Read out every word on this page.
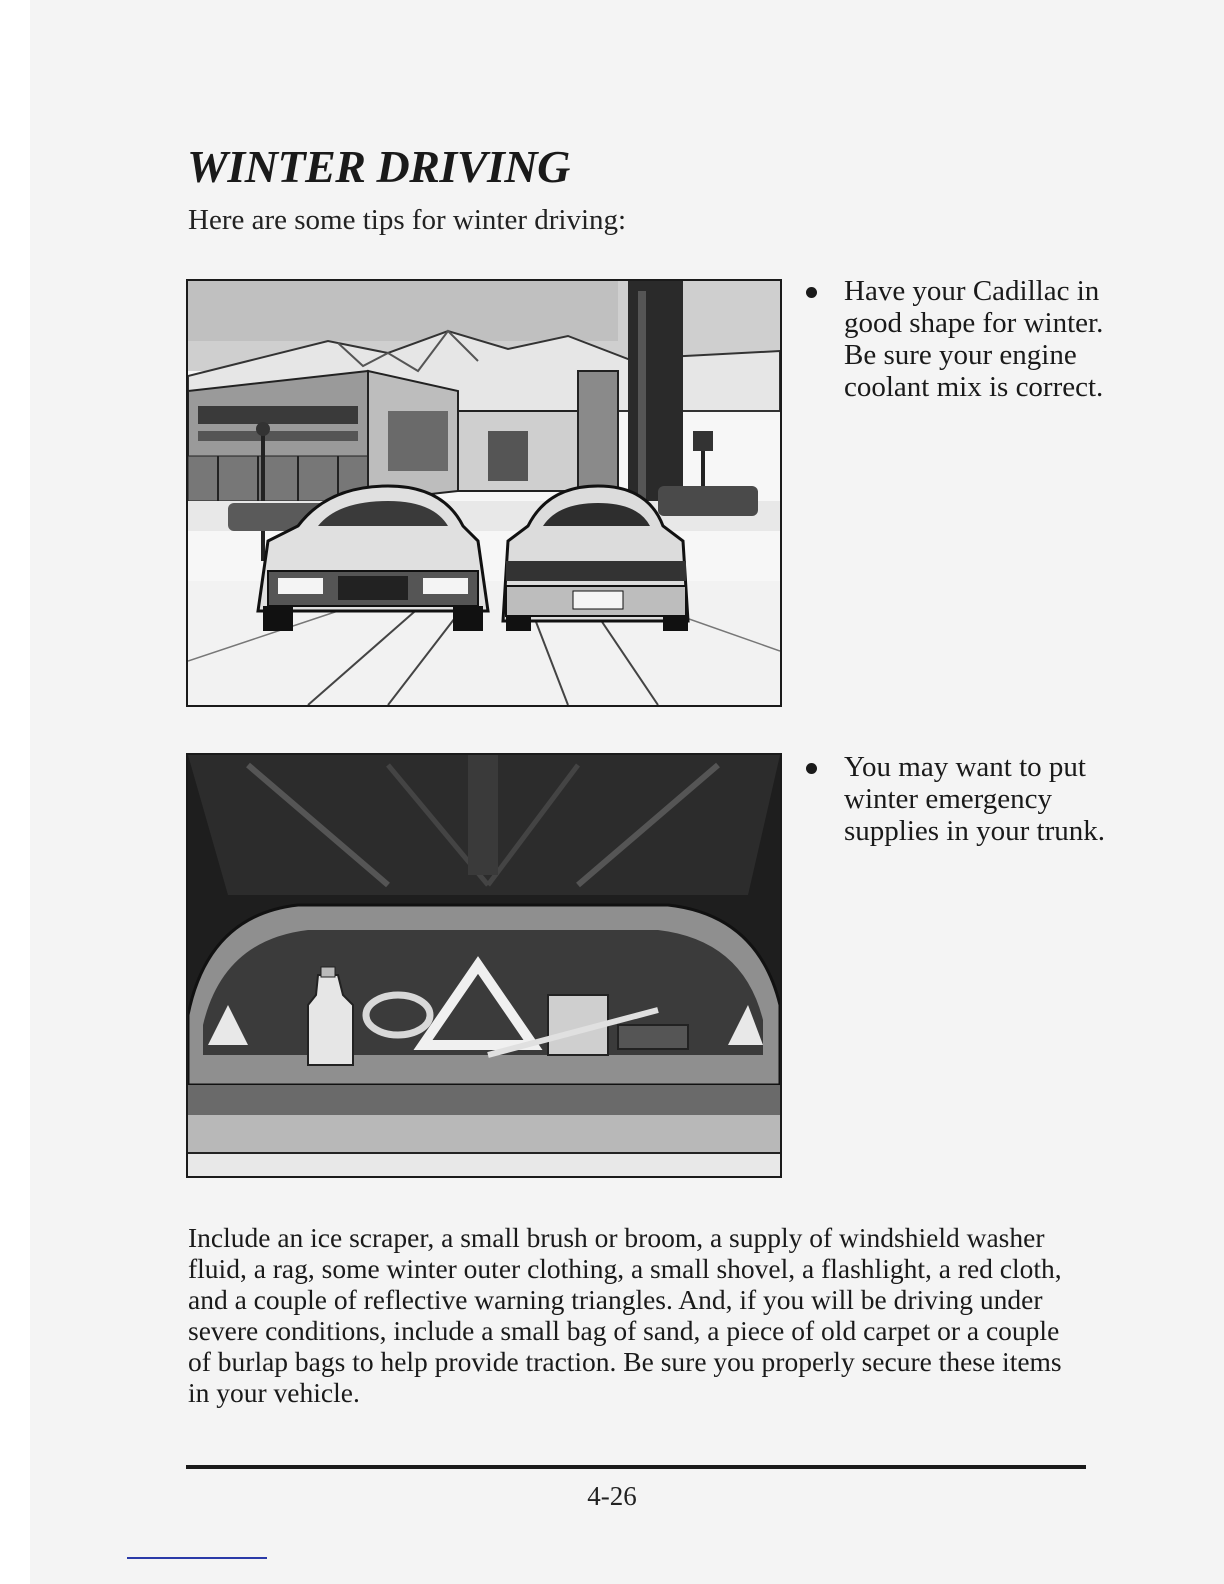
WINTER DRIVING
Here are some tips for winter driving:
Have your Cadillac in good shape for winter. Be sure your engine coolant mix is correct.
You may want to put winter emergency supplies in your trunk.

Include an ice scraper, a small brush or broom, a supply of windshield washer fluid, a rag, some winter outer clothing, a small shovel, a flashlight, a red cloth, and a couple of reflective warning triangles. And, if you will be driving under severe conditions, include a small bag of sand, a piece of old carpet or a couple of burlap bags to help provide traction. Be sure you properly secure these items in your vehicle.

4-26
